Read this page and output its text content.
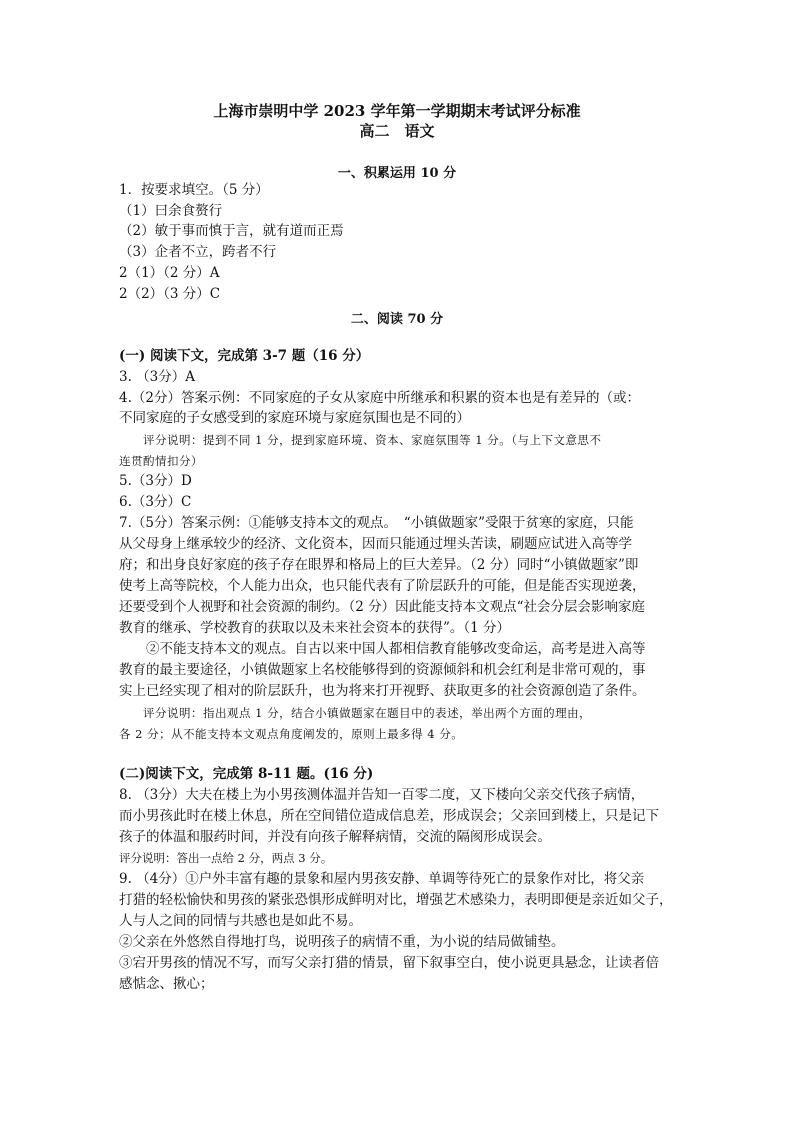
上海市崇明中学 2023 学年第一学期期末考试评分标准
高二　语文
一、积累运用 10 分
1．按要求填空。（5 分）
（1）曰余食赘行
（2）敏于事而慎于言，就有道而正焉
（3）企者不立，跨者不行
2（1）（2 分）A
2（2）（3 分）C
二、阅读 70 分
(一) 阅读下文，完成第 3-7 题（16 分）
3. （3分）A
4.（2分）答案示例：不同家庭的子女从家庭中所继承和积累的资本也是有差异的（或：
不同家庭的子女感受到的家庭环境与家庭氛围也是不同的）
　　评分说明：提到不同 1 分，提到家庭环境、资本、家庭氛围等 1 分。（与上下文意思不
连贯酌情扣分）
5.（3分）D
6.（3分）C
7.（5分）答案示例：①能够支持本文的观点。　“小镇做题家”受限于贫寒的家庭，只能
从父母身上继承较少的经济、文化资本，因而只能通过埋头苦读，刷题应试进入高等学
府；和出身良好家庭的孩子存在眼界和格局上的巨大差异。（2 分）同时“小镇做题家”即
使考上高等院校，个人能力出众，也只能代表有了阶层跃升的可能，但是能否实现逆袭，
还要受到个人视野和社会资源的制约。（2 分）因此能支持本文观点“社会分层会影响家庭
教育的继承、学校教育的获取以及未来社会资本的获得”。（1 分）
　　②不能支持本文的观点。自古以来中国人都相信教育能够改变命运，高考是进入高等
教育的最主要途径，小镇做题家上名校能够得到的资源倾斜和机会红利是非常可观的，事
实上已经实现了相对的阶层跃升，也为将来打开视野、获取更多的社会资源创造了条件。
　　评分说明：指出观点 1 分，结合小镇做题家在题目中的表述，举出两个方面的理由，
各 2 分；从不能支持本文观点角度阐发的，原则上最多得 4 分。
(二)阅读下文，完成第 8-11 题。(16 分)
8. （3分）大夫在楼上为小男孩测体温并告知一百零二度，又下楼向父亲交代孩子病情，
而小男孩此时在楼上休息，所在空间错位造成信息差，形成误会；父亲回到楼上，只是记下
孩子的体温和服药时间，并没有向孩子解释病情，交流的隔阂形成误会。
评分说明：答出一点给 2 分，两点 3 分。
9. （4分）①户外丰富有趣的景象和屋内男孩安静、单调等待死亡的景象作对比，将父亲
打猎的轻松愉快和男孩的紧张恐惧形成鲜明对比，增强艺术感染力，表明即便是亲近如父子，
人与人之间的同情与共感也是如此不易。
②父亲在外悠然自得地打鸟，说明孩子的病情不重，为小说的结局做铺垫。
③宕开男孩的情况不写，而写父亲打猎的情景，留下叙事空白，使小说更具悬念，让读者倍
感惦念、揪心；
